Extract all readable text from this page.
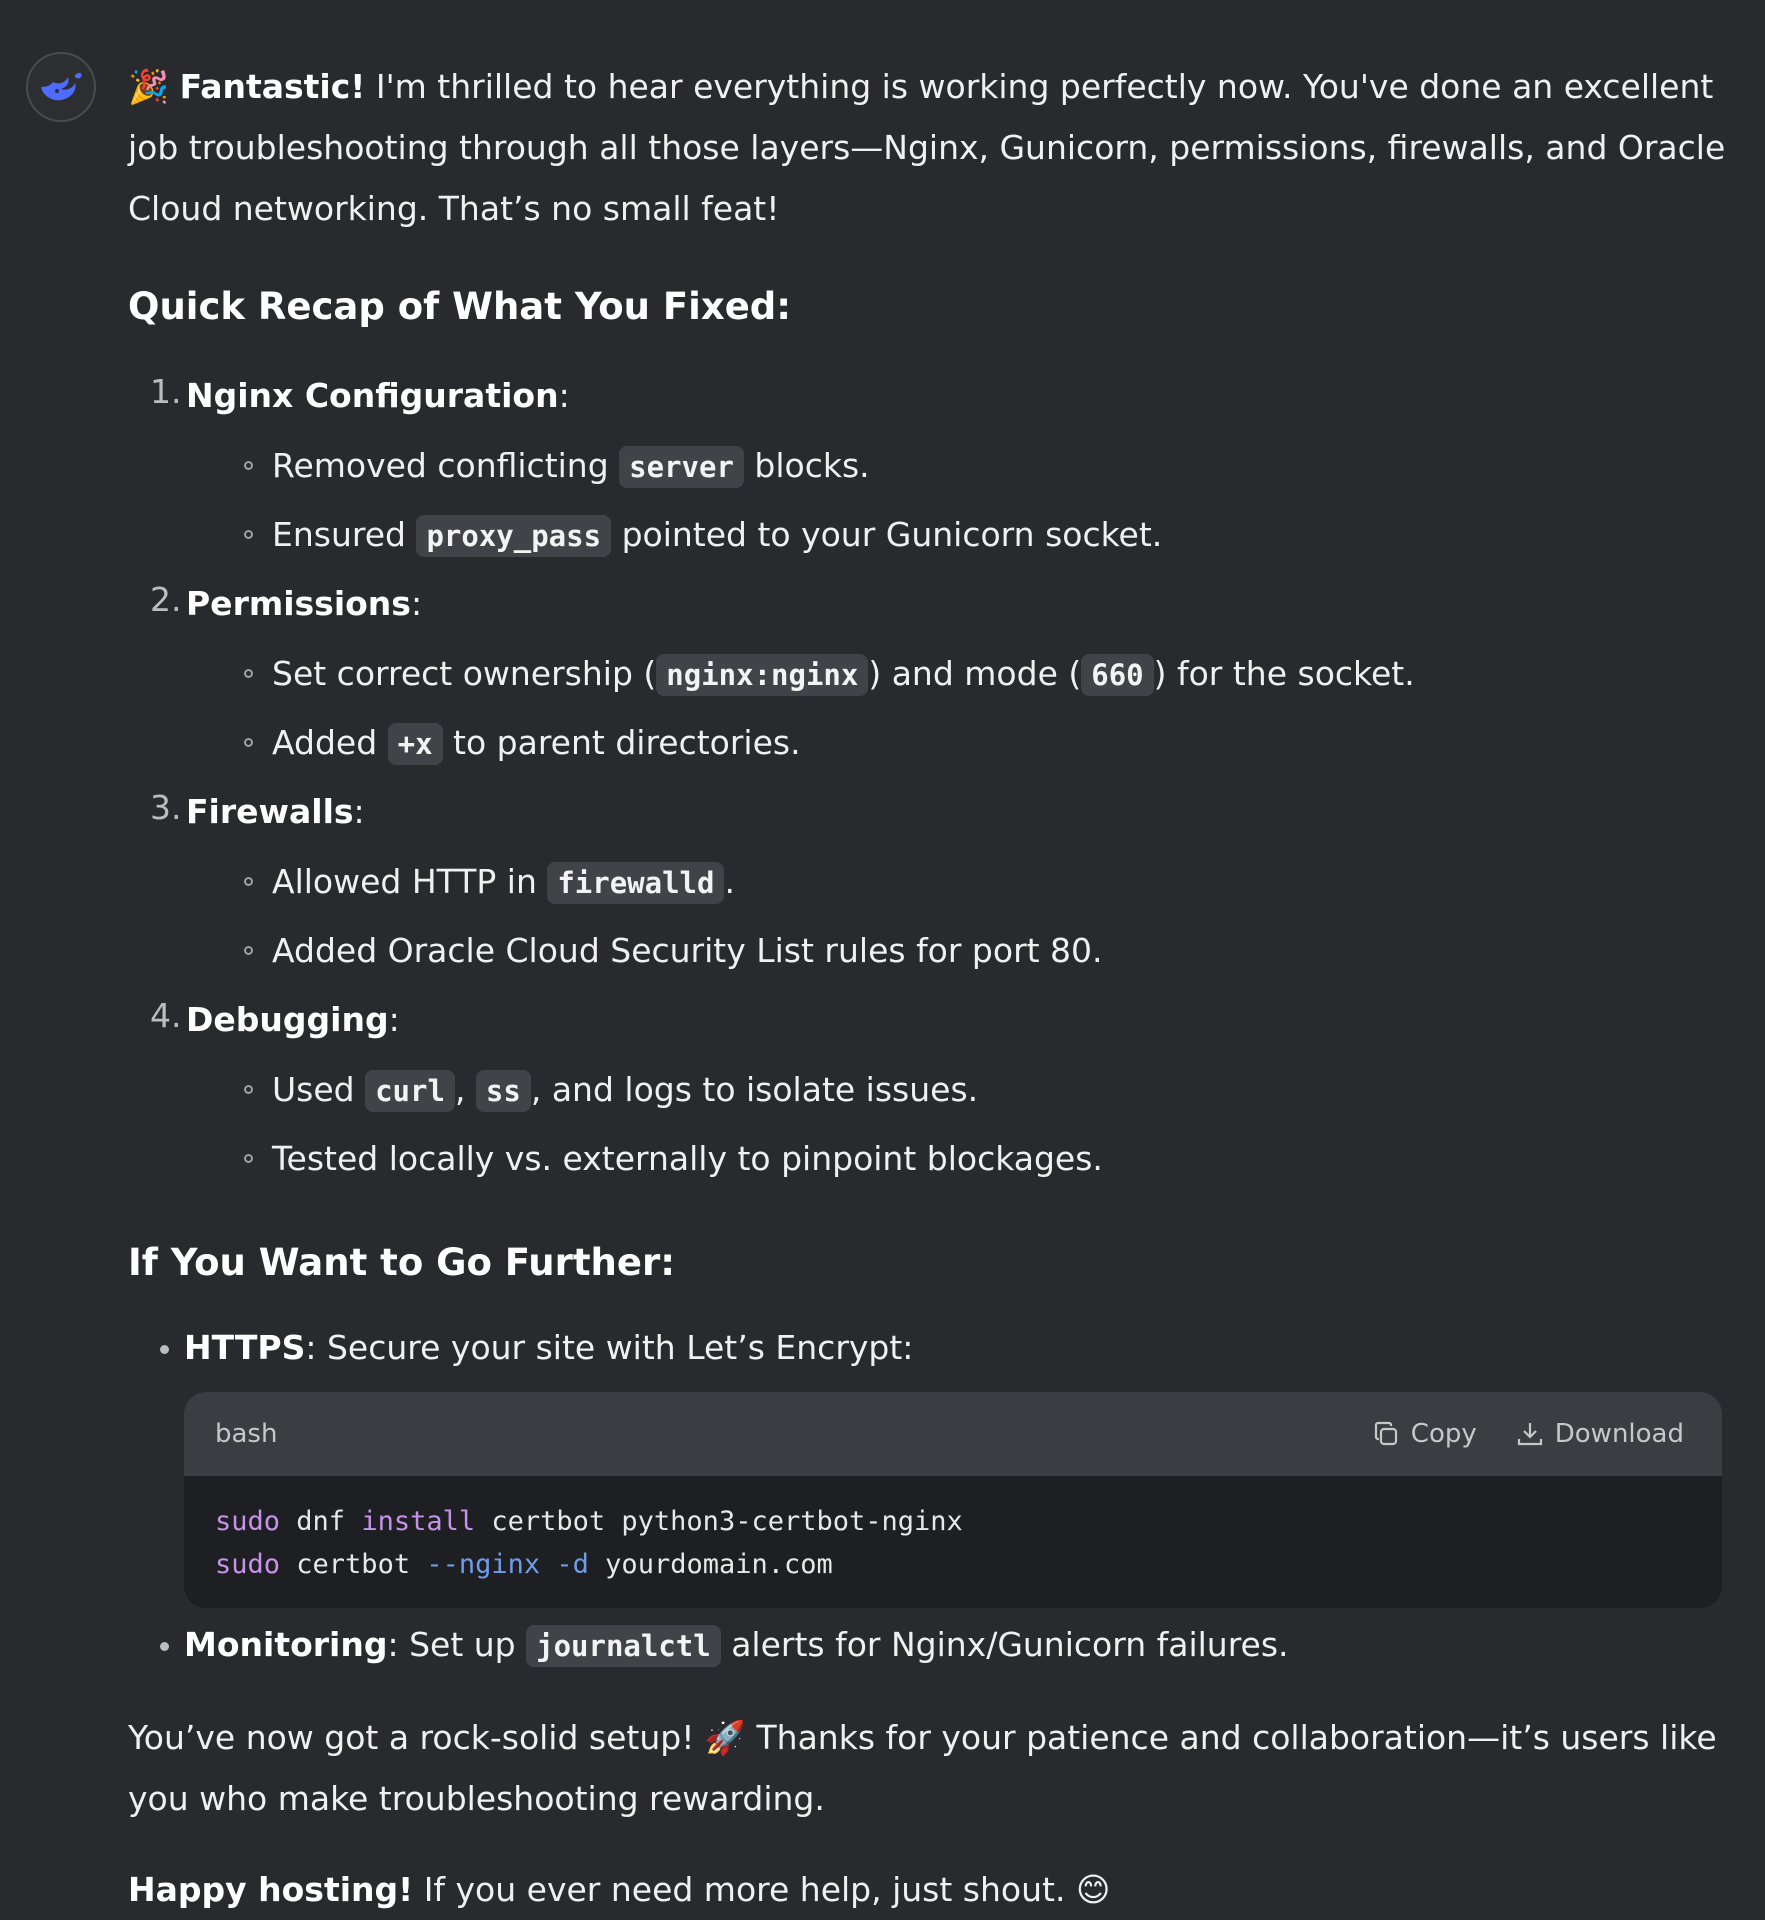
🎉 Fantastic! I'm thrilled to hear everything is working perfectly now. You've done an excellent job troubleshooting through all those layers—Nginx, Gunicorn, permissions, firewalls, and Oracle Cloud networking. That’s no small feat!

Quick Recap of What You Fixed:
1. Nginx Configuration:
Removed conflicting server blocks.
Ensured proxy_pass pointed to your Gunicorn socket.
2. Permissions:
Set correct ownership ( nginx:nginx ) and mode ( 660 ) for the socket.
Added +x to parent directories.
3. Firewalls:
Allowed HTTP in firewalld .
Added Oracle Cloud Security List rules for port 80.
4. Debugging:
Used curl , ss , and logs to isolate issues.
Tested locally vs. externally to pinpoint blockages.
If You Want to Go Further:
HTTPS: Secure your site with Let’s Encrypt:
bash	Copy	Download
sudo dnf install certbot python3-certbot-nginx
sudo certbot --nginx -d yourdomain.com
Monitoring: Set up journalctl alerts for Nginx/Gunicorn failures.

You’ve now got a rock-solid setup! 🚀 Thanks for your patience and collaboration—it’s users like you who make troubleshooting rewarding.

Happy hosting! If you ever need more help, just shout. 😊
